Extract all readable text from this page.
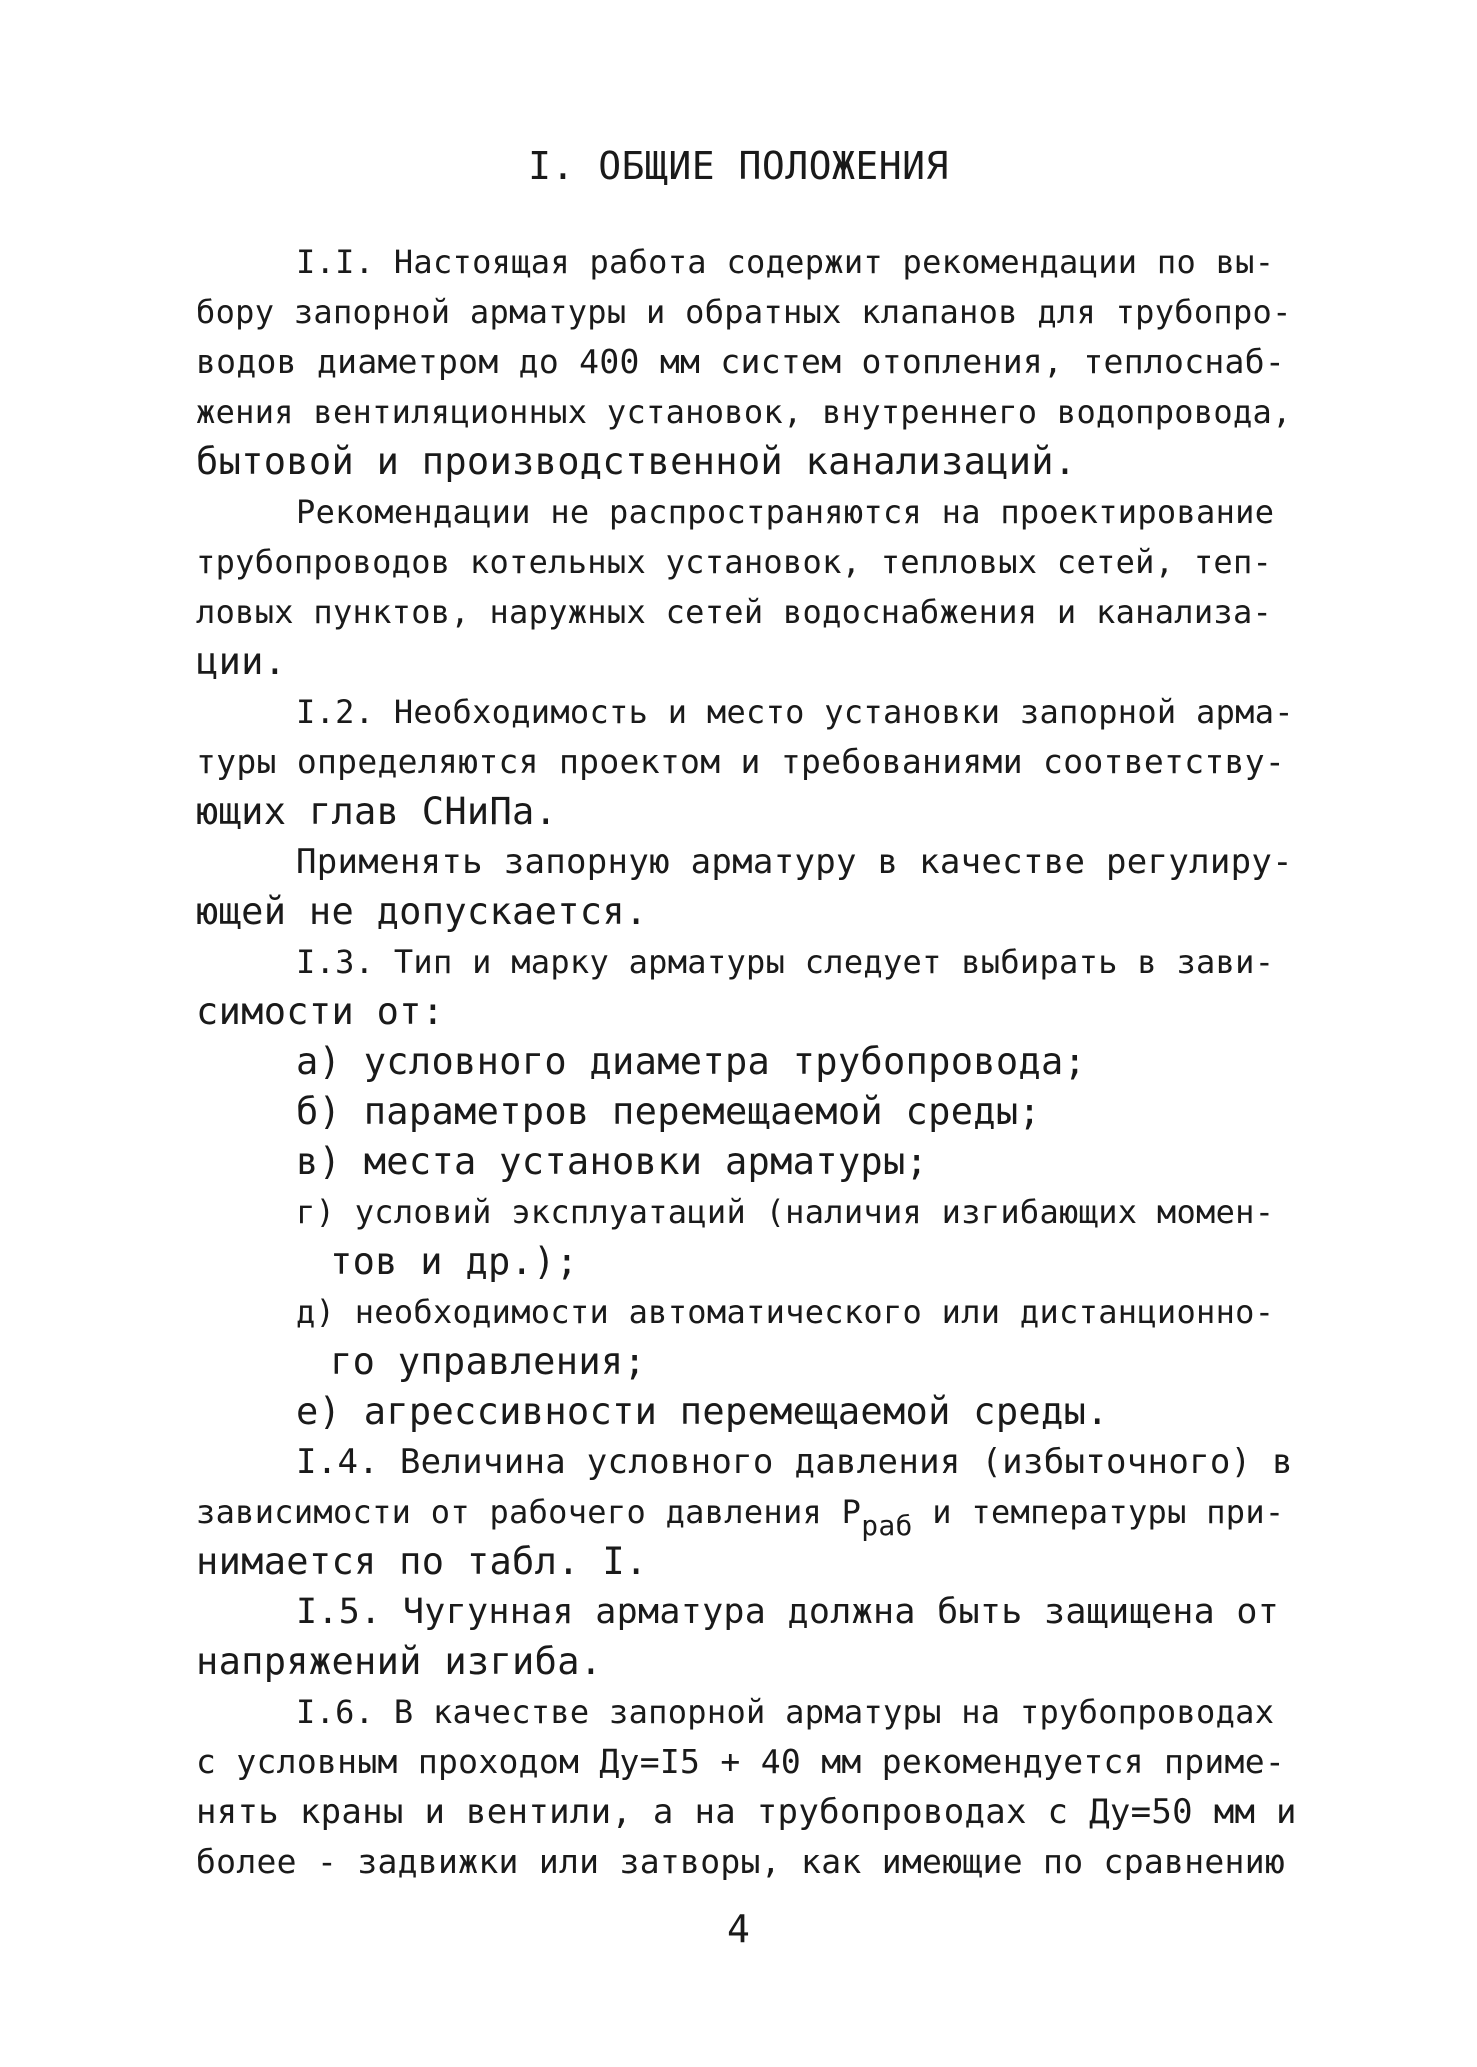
I. ОБЩИЕ ПОЛОЖЕНИЯ
I.I. Настоящая работа содержит рекомендации по вы-
бору запорной арматуры и обратных клапанов для трубопро-
водов диаметром до 400 мм систем отопления, теплоснаб-
жения вентиляционных установок, внутреннего водопровода,
бытовой и производственной канализаций.
Рекомендации не распространяются на проектирование
трубопроводов котельных установок, тепловых сетей, теп-
ловых пунктов, наружных сетей водоснабжения и канализа-
ции.
I.2. Необходимость и место установки запорной арма-
туры определяются проектом и требованиями соответству-
ющих глав СНиПа.
Применять запорную арматуру в качестве регулиру-
ющей не допускается.
I.3. Тип и марку арматуры следует выбирать в зави-
симости от:
а) условного диаметра трубопровода;
б) параметров перемещаемой среды;
в) места установки арматуры;
г) условий эксплуатаций (наличия изгибающих момен-
тов и др.);
д) необходимости автоматического или дистанционно-
го управления;
е) агрессивности перемещаемой среды.
I.4. Величина условного давления (избыточного) в
зависимости от рабочего давления Рраб и температуры при-
нимается по табл. I.
I.5. Чугунная арматура должна быть защищена от
напряжений изгиба.
I.6. В качестве запорной арматуры на трубопроводах
с условным проходом Ду=I5 + 40 мм рекомендуется приме-
нять краны и вентили, а на трубопроводах с Ду=50 мм и
более - задвижки или затворы, как имеющие по сравнению
4
